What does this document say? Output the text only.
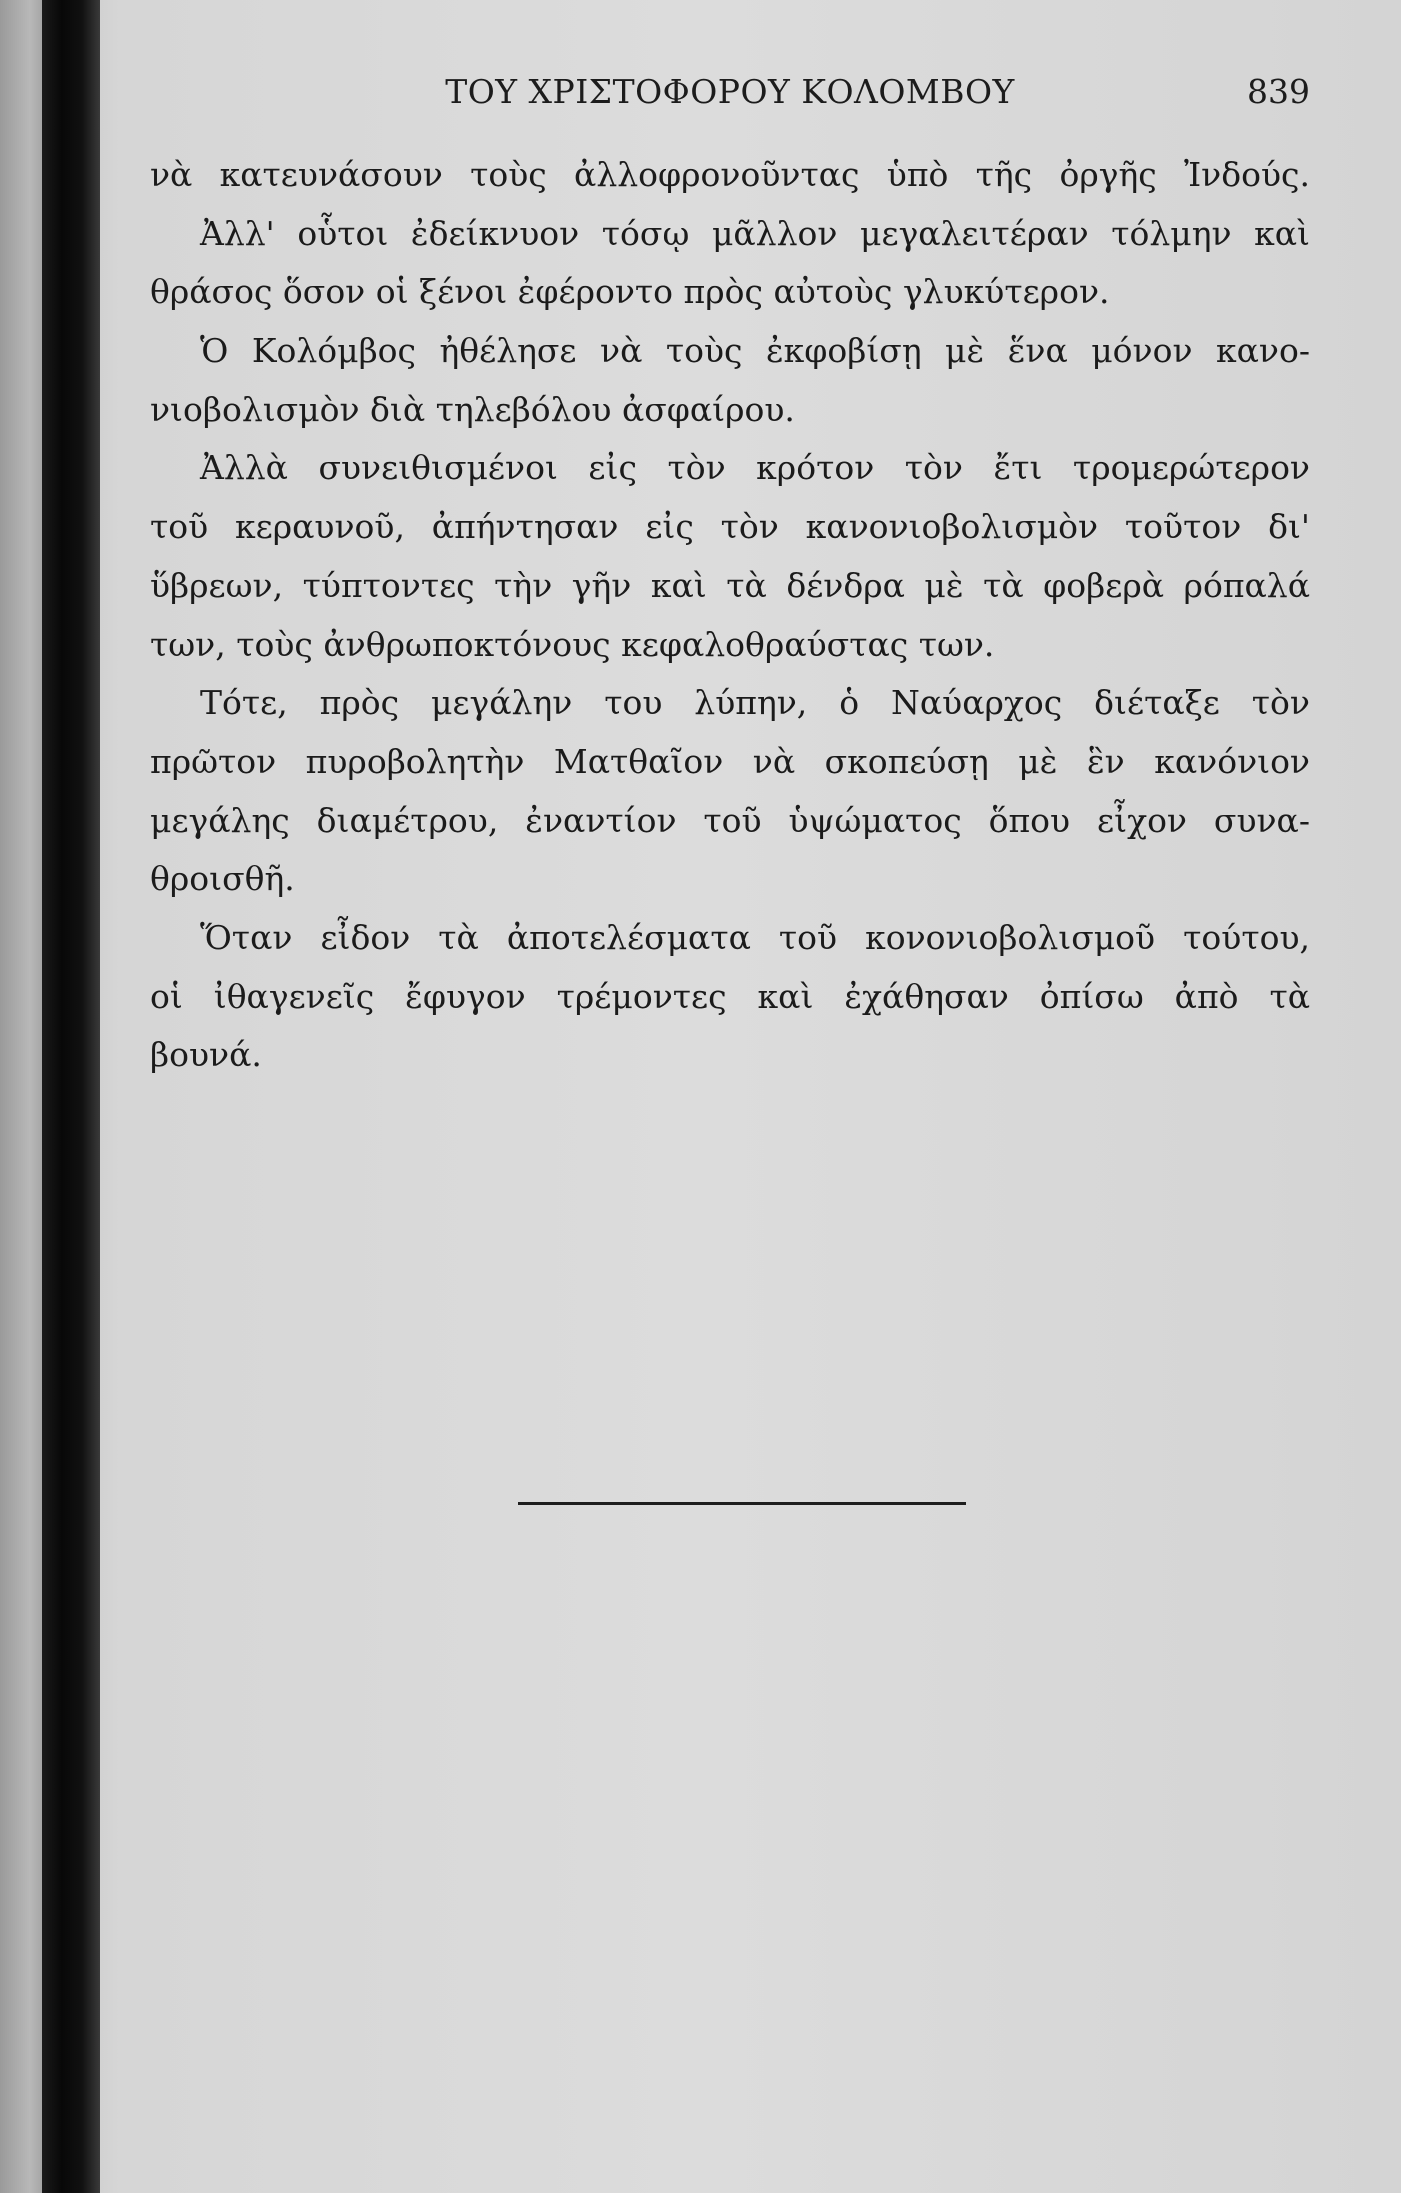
ΤΟΥ ΧΡΙΣΤΟΦΟΡΟΥ ΚΟΛΟΜΒΟΥ	839
νὰ κατευνάσουν τοὺς ἀλλοφρονοῦντας ὑπὸ τῆς ὀργῆς Ἰνδούς.
Ἀλλ' οὗτοι ἐδείκνυον τόσῳ μᾶλλον μεγαλειτέραν τόλμην καὶ
θράσος ὅσον οἱ ξένοι ἐφέροντο πρὸς αὐτοὺς γλυκύτερον.
Ὁ Κολόμβος ἠθέλησε νὰ τοὺς ἐκφοβίσῃ μὲ ἕνα μόνον κανο-
νιοβολισμὸν διὰ τηλεβόλου ἀσφαίρου.
Ἀλλὰ συνειθισμένοι εἰς τὸν κρότον τὸν ἔτι τρομερώτερον
τοῦ κεραυνοῦ, ἀπήντησαν εἰς τὸν κανονιοβολισμὸν τοῦτον δι'
ὕβρεων, τύπτοντες τὴν γῆν καὶ τὰ δένδρα μὲ τὰ φοβερὰ ρόπαλά
των, τοὺς ἀνθρωποκτόνους κεφαλοθραύστας των.
Τότε, πρὸς μεγάλην του λύπην, ὁ Ναύαρχος διέταξε τὸν
πρῶτον πυροβολητὴν Ματθαῖον νὰ σκοπεύσῃ μὲ ἓν κανόνιον
μεγάλης διαμέτρου, ἐναντίον τοῦ ὑψώματος ὅπου εἶχον συνα-
θροισθῆ.
Ὅταν εἶδον τὰ ἀποτελέσματα τοῦ κονονιοβολισμοῦ τούτου,
οἱ ἰθαγενεῖς ἔφυγον τρέμοντες καὶ ἐχάθησαν ὀπίσω ἀπὸ τὰ
βουνά.
